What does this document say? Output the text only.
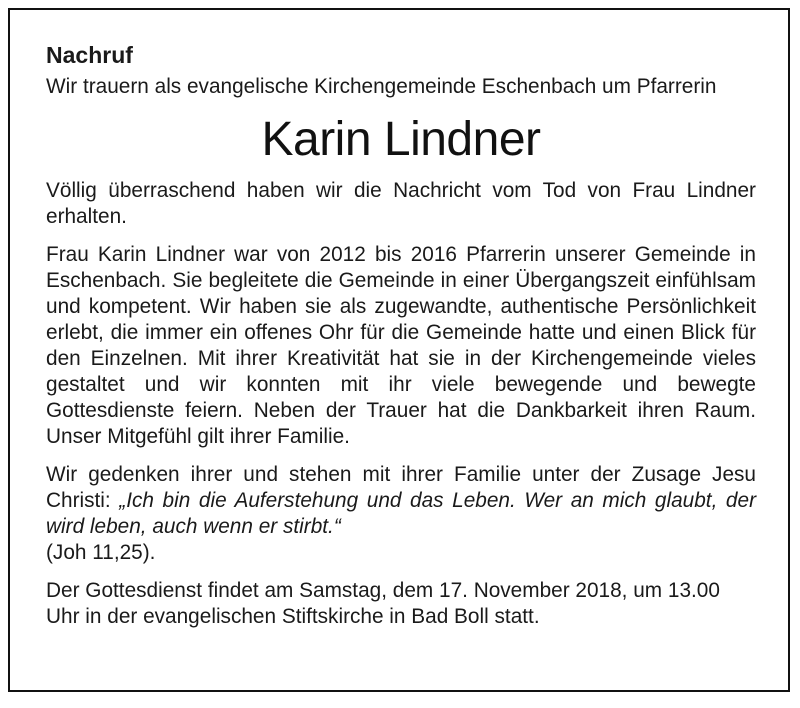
Nachruf

Wir trauern als evangelische Kirchengemeinde Eschenbach um Pfarrerin

Karin Lindner

Völlig überraschend haben wir die Nachricht vom Tod von Frau Lindner erhalten.

Frau Karin Lindner war von 2012 bis 2016 Pfarrerin unserer Gemeinde in Eschenbach. Sie begleitete die Gemeinde in einer Übergangszeit einfühlsam und kompetent. Wir haben sie als zugewandte, authentische Persönlichkeit erlebt, die immer ein offenes Ohr für die Gemeinde hatte und einen Blick für den Einzelnen. Mit ihrer Kreativität hat sie in der Kirchengemeinde vieles gestaltet und wir konnten mit ihr viele bewegende und bewegte Gottesdienste feiern. Neben der Trauer hat die Dankbarkeit ihren Raum. Unser Mitgefühl gilt ihrer Familie.

Wir gedenken ihrer und stehen mit ihrer Familie unter der Zusage Jesu Christi: „Ich bin die Auferstehung und das Leben. Wer an mich glaubt, der wird leben, auch wenn er stirbt.“
(Joh 11,25).

Der Gottesdienst findet am Samstag, dem 17. November 2018, um 13.00 Uhr in der evangelischen Stiftskirche in Bad Boll statt.
